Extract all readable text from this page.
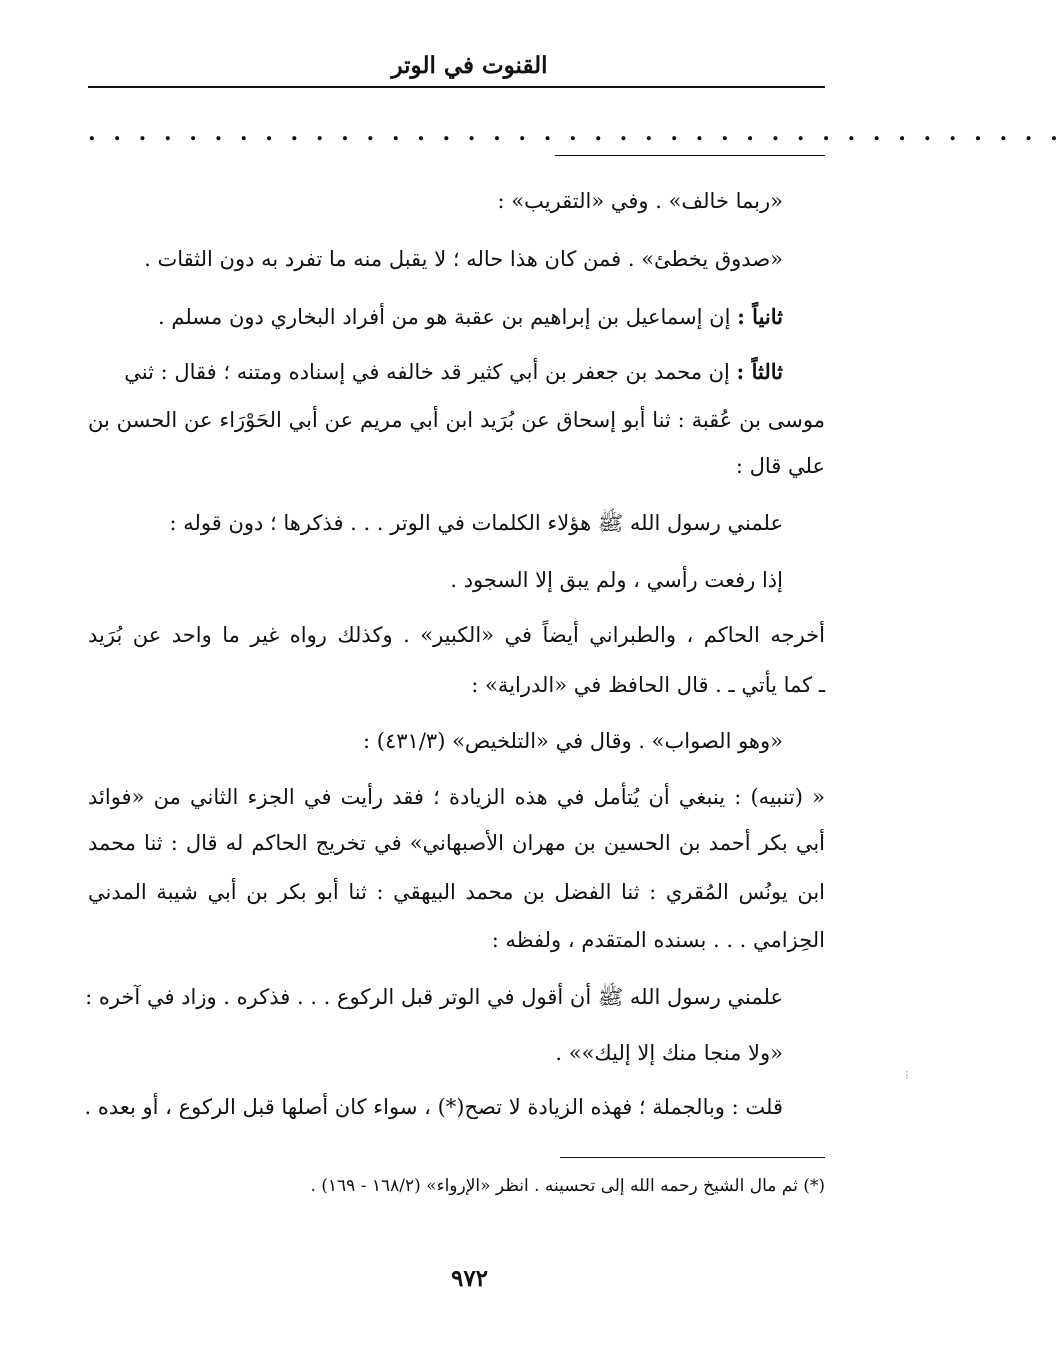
القنوت في الوتر
. . . . . . . . . . . . . . . . . . . . . . . . . . . . . . . . . . . . . . .
«ربما خالف» . وفي «التقريب» :
«صدوق يخطئ» . فمن كان هذا حاله ؛ لا يقبل منه ما تفرد به دون الثقات .
ثانياً : إن إسماعيل بن إبراهيم بن عقبة هو من أفراد البخاري دون مسلم .
ثالثاً : إن محمد بن جعفر بن أبي كثير قد خالفه في إسناده ومتنه ؛ فقال : ثني
موسى بن عُقبة : ثنا أبو إسحاق عن بُرَيد ابن أبي مريم عن أبي الحَوْرَاء عن الحسن بن
علي قال :
علمني رسول الله ﷺ هؤلاء الكلمات في الوتر . . . فذكرها ؛ دون قوله :
إذا رفعت رأسي ، ولم يبق إلا السجود .
أخرجه الحاكم ، والطبراني أيضاً في «الكبير» . وكذلك رواه غير ما واحد عن بُرَيد
ـ كما يأتي ـ . قال الحافظ في «الدراية» :
«وهو الصواب» . وقال في «التلخيص» (٤٣١/٣) :
« (تنبيه) : ينبغي أن يُتأمل في هذه الزيادة ؛ فقد رأيت في الجزء الثاني من «فوائد
أبي بكر أحمد بن الحسين بن مهران الأصبهاني» في تخريج الحاكم له قال : ثنا محمد
ابن يونُس المُقري : ثنا الفضل بن محمد البيهقي : ثنا أبو بكر بن أبي شيبة المدني
الحِزامي . . . بسنده المتقدم ، ولفظه :
علمني رسول الله ﷺ أن أقول في الوتر قبل الركوع . . . فذكره . وزاد في آخره :
«ولا منجا منك إلا إليك»» .
قلت : وبالجملة ؛ فهذه الزيادة لا تصح(*) ، سواء كان أصلها قبل الركوع ، أو بعده .
(*) ثم مال الشيخ رحمه الله إلى تحسينه . انظر «الإرواء» (١٦٨/٢ - ١٦٩) .
٩٧٢
⁝
